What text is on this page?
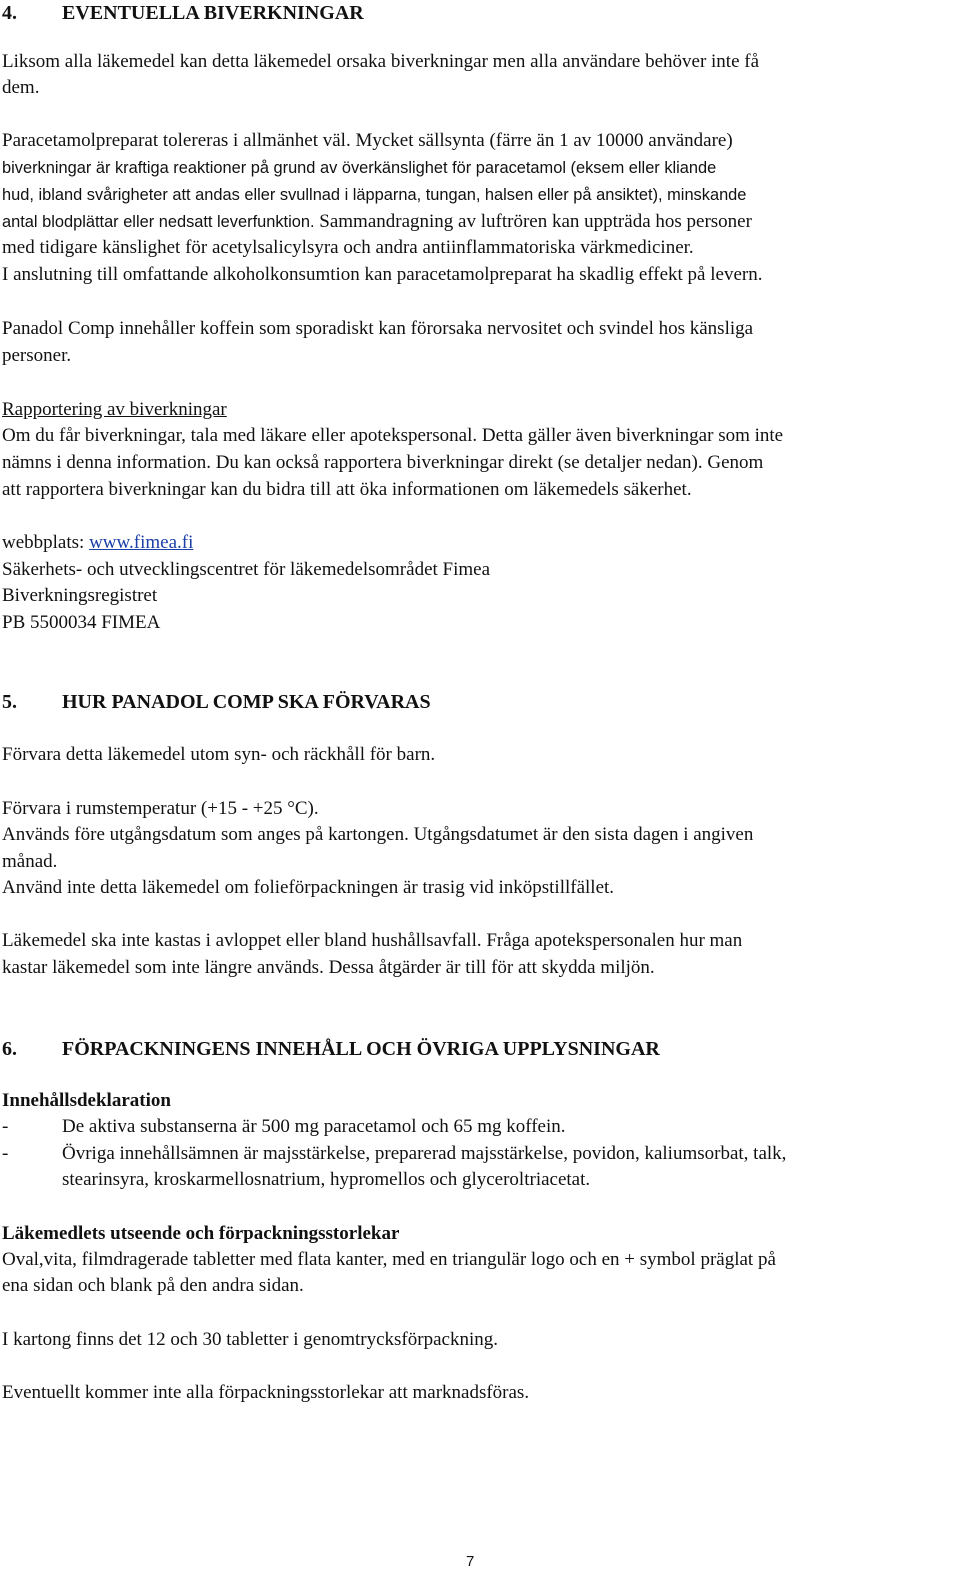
4. EVENTUELLA BIVERKNINGAR
Liksom alla läkemedel kan detta läkemedel orsaka biverkningar men alla användare behöver inte få
dem.
Paracetamolpreparat tolereras i allmänhet väl. Mycket sällsynta (färre än 1 av 10000 användare)
biverkningar är kraftiga reaktioner på grund av överkänslighet för paracetamol (eksem eller kliande
hud, ibland svårigheter att andas eller svullnad i läpparna, tungan, halsen eller på ansiktet), minskande
antal blodplättar eller nedsatt leverfunktion. Sammandragning av luftrören kan uppträda hos personer
med tidigare känslighet för acetylsalicylsyra och andra antiinflammatoriska värkmediciner.
I anslutning till omfattande alkoholkonsumtion kan paracetamolpreparat ha skadlig effekt på levern.
Panadol Comp innehåller koffein som sporadiskt kan förorsaka nervositet och svindel hos känsliga
personer.
Rapportering av biverkningar
Om du får biverkningar, tala med läkare eller apotekspersonal. Detta gäller även biverkningar som inte
nämns i denna information. Du kan också rapportera biverkningar direkt (se detaljer nedan). Genom
att rapportera biverkningar kan du bidra till att öka informationen om läkemedels säkerhet.
webbplats: www.fimea.fi
Säkerhets- och utvecklingscentret för läkemedelsområdet Fimea
Biverkningsregistret
PB 5500034 FIMEA
5. HUR PANADOL COMP SKA FÖRVARAS
Förvara detta läkemedel utom syn- och räckhåll för barn.
Förvara i rumstemperatur (+15 - +25 °C).
Används före utgångsdatum som anges på kartongen. Utgångsdatumet är den sista dagen i angiven
månad.
Använd inte detta läkemedel om folieförpackningen är trasig vid inköpstillfället.
Läkemedel ska inte kastas i avloppet eller bland hushållsavfall. Fråga apotekspersonalen hur man
kastar läkemedel som inte längre används. Dessa åtgärder är till för att skydda miljön.
6. FÖRPACKNINGENS INNEHÅLL OCH ÖVRIGA UPPLYSNINGAR
Innehållsdeklaration
-	De aktiva substanserna är 500 mg paracetamol och 65 mg koffein.
-	Övriga innehållsämnen är majsstärkelse, preparerad majsstärkelse, povidon, kaliumsorbat, talk,
stearinsyra, kroskarmellosnatrium, hypromellos och glyceroltriacetat.
Läkemedlets utseende och förpackningsstorlekar
Oval,vita, filmdragerade tabletter med flata kanter, med en triangulär logo och en + symbol präglat på
ena sidan och blank på den andra sidan.
I kartong finns det 12 och 30 tabletter i genomtrycksförpackning.
Eventuellt kommer inte alla förpackningsstorlekar att marknadsföras.
7
